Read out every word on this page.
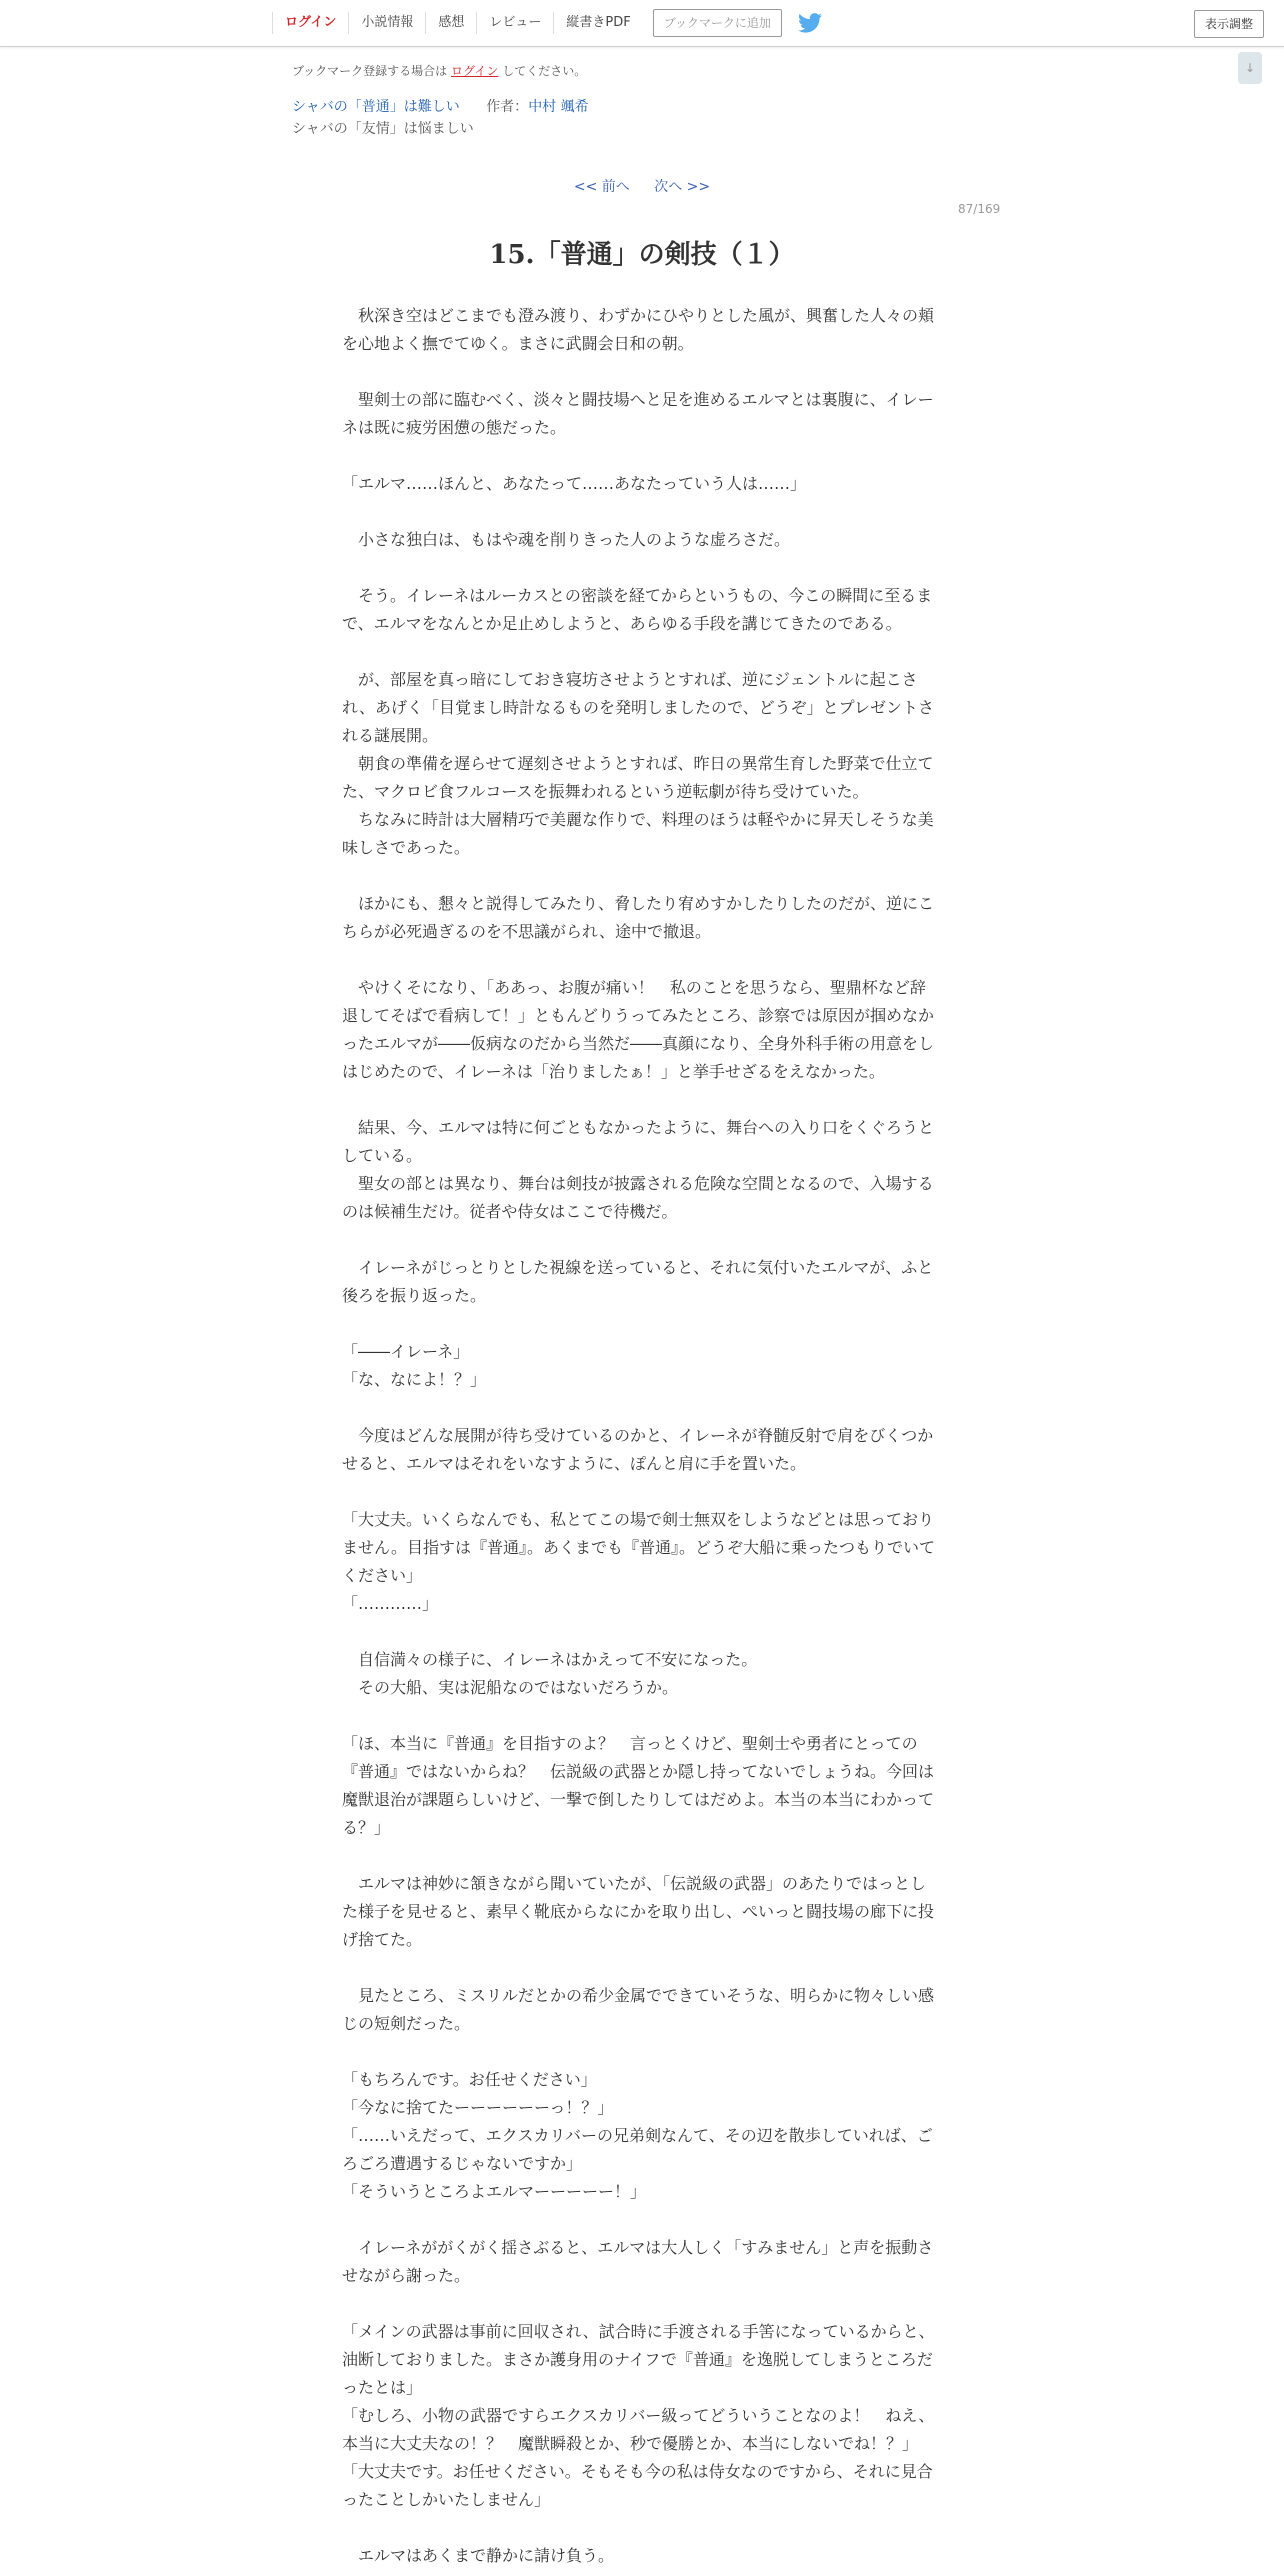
ログイン	小説情報	感想	レビュー	縦書きPDF	ブックマークに追加	表示調整
↓
ブックマーク登録する場合は ログイン してください。
シャバの「普通」は難しい 作者：中村 颯希
シャバの「友情」は悩ましい
<< 前へ 次へ >>
87/169
15.「普通」の剣技（１）

　秋深き空はどこまでも澄み渡り、わずかにひやりとした風が、興奮した人々の頬を心地よく撫でてゆく。まさに武闘会日和の朝。

　聖剣士の部に臨むべく、淡々と闘技場へと足を進めるエルマとは裏腹に、イレーネは既に疲労困憊の態だった。

「エルマ……ほんと、あなたって……あなたっていう人は……」

　小さな独白は、もはや魂を削りきった人のような虚ろさだ。

　そう。イレーネはルーカスとの密談を経てからというもの、今この瞬間に至るまで、エルマをなんとか足止めしようと、あらゆる手段を講じてきたのである。

　が、部屋を真っ暗にしておき寝坊させようとすれば、逆にジェントルに起こされ、あげく「目覚まし時計なるものを発明しましたので、どうぞ」とプレゼントされる謎展開。

　朝食の準備を遅らせて遅刻させようとすれば、昨日の異常生育した野菜で仕立てた、マクロビ食フルコースを振舞われるという逆転劇が待ち受けていた。

　ちなみに時計は大層精巧で美麗な作りで、料理のほうは軽やかに昇天しそうな美味しさであった。

　ほかにも、懇々と説得してみたり、脅したり宥めすかしたりしたのだが、逆にこちらが必死過ぎるのを不思議がられ、途中で撤退。

　やけくそになり、「ああっ、お腹が痛い！　私のことを思うなら、聖鼎杯など辞退してそばで看病して！」ともんどりうってみたところ、診察では原因が掴めなかったエルマが――仮病なのだから当然だ――真顔になり、全身外科手術の用意をしはじめたので、イレーネは「治りましたぁ！」と挙手せざるをえなかった。

　結果、今、エルマは特に何ごともなかったように、舞台への入り口をくぐろうとしている。

　聖女の部とは異なり、舞台は剣技が披露される危険な空間となるので、入場するのは候補生だけ。従者や侍女はここで待機だ。

　イレーネがじっとりとした視線を送っていると、それに気付いたエルマが、ふと後ろを振り返った。

「――イレーネ」

「な、なによ！？」

　今度はどんな展開が待ち受けているのかと、イレーネが脊髄反射で肩をびくつかせると、エルマはそれをいなすように、ぽんと肩に手を置いた。

「大丈夫。いくらなんでも、私とてこの場で剣士無双をしようなどとは思っておりません。目指すは『普通』。あくまでも『普通』。どうぞ大船に乗ったつもりでいてください」

「…………」

　自信満々の様子に、イレーネはかえって不安になった。

　その大船、実は泥船なのではないだろうか。

「ほ、本当に『普通』を目指すのよ？　言っとくけど、聖剣士や勇者にとっての『普通』ではないからね？　伝説級の武器とか隠し持ってないでしょうね。今回は魔獣退治が課題らしいけど、一撃で倒したりしてはだめよ。本当の本当にわかってる？」

　エルマは神妙に頷きながら聞いていたが、「伝説級の武器」のあたりではっとした様子を見せると、素早く靴底からなにかを取り出し、ぺいっと闘技場の廊下に投げ捨てた。

　見たところ、ミスリルだとかの希少金属でできていそうな、明らかに物々しい感じの短剣だった。

「もちろんです。お任せください」

「今なに捨てたーーーーーーっ！？」

「……いえだって、エクスカリバーの兄弟剣なんて、その辺を散歩していれば、ごろごろ遭遇するじゃないですか」

「そういうところよエルマーーーーー！」

　イレーネががくがく揺さぶると、エルマは大人しく「すみません」と声を振動させながら謝った。

「メインの武器は事前に回収され、試合時に手渡される手筈になっているからと、油断しておりました。まさか護身用のナイフで『普通』を逸脱してしまうところだったとは」

「むしろ、小物の武器ですらエクスカリバー級ってどういうことなのよ！　ねえ、本当に大丈夫なの！？　魔獣瞬殺とか、秒で優勝とか、本当にしないでね！？」

「大丈夫です。お任せください。そもそも今の私は侍女なのですから、それに見合ったことしかいたしません」

　エルマはあくまで静かに請け負う。
